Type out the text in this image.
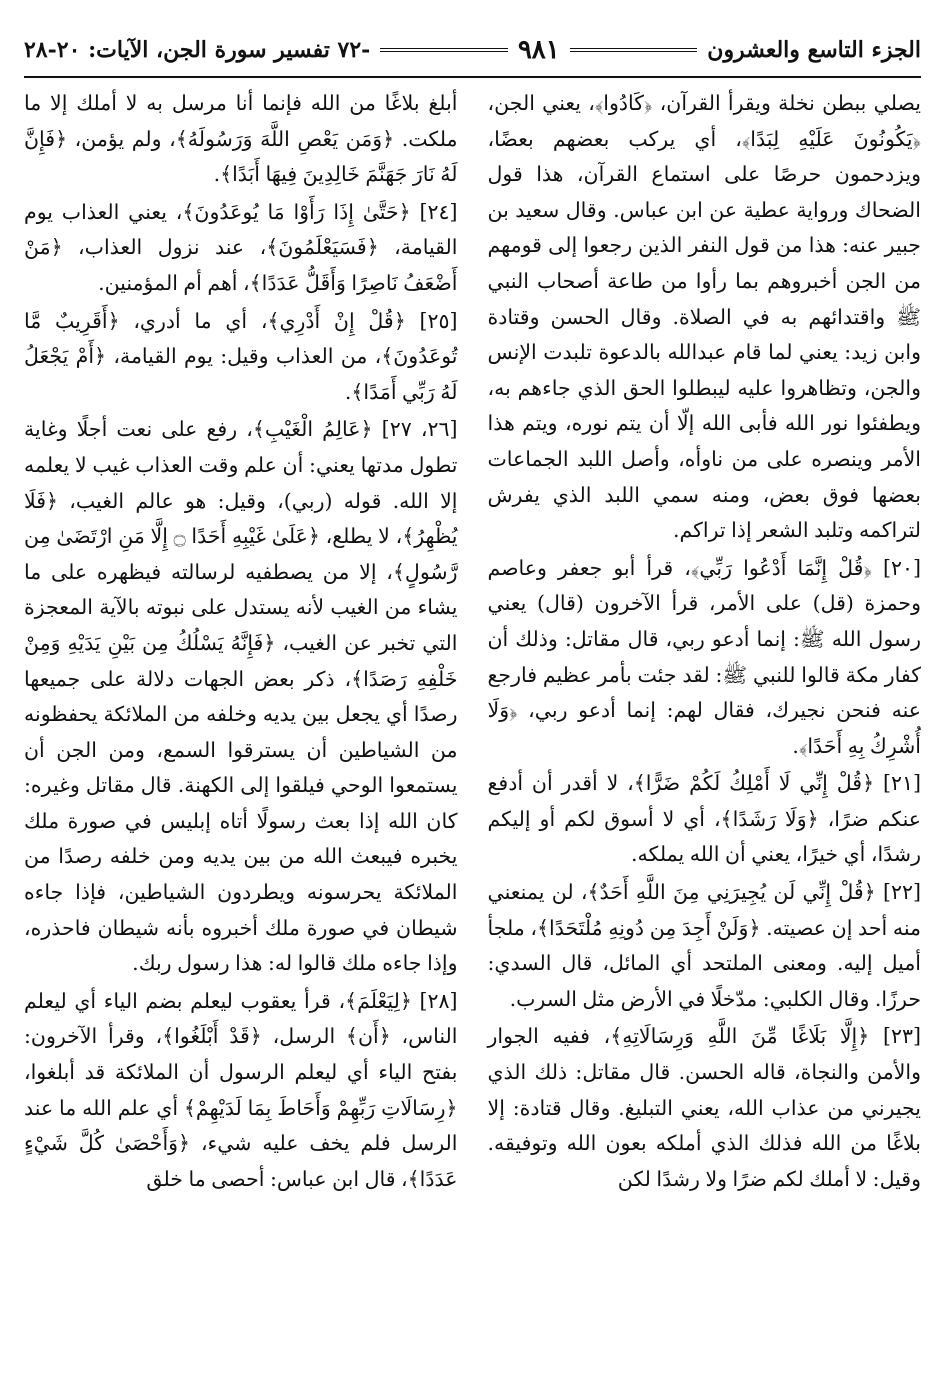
الجزء التاسع والعشرون
٩٨١
-٧٢ تفسير سورة الجن، الآيات: ٢٠-٢٨

يصلي ببطن نخلة ويقرأ القرآن، ﴿كَادُوا﴾، يعني الجن، ﴿يَكُونُونَ عَلَيْهِ لِبَدًا﴾، أي يركب بعضهم بعضًا، ويزدحمون حرصًا على استماع القرآن، هذا قول الضحاك ورواية عطية عن ابن عباس. وقال سعيد بن جبير عنه: هذا من قول النفر الذين رجعوا إلى قومهم من الجن أخبروهم بما رأوا من طاعة أصحاب النبي ﷺ واقتدائهم به في الصلاة. وقال الحسن وقتادة وابن زيد: يعني لما قام عبدالله بالدعوة تلبدت الإنس والجن، وتظاهروا عليه ليبطلوا الحق الذي جاءهم به، ويطفئوا نور الله فأبى الله إلّا أن يتم نوره، ويتم هذا الأمر وينصره على من ناوأه، وأصل اللبد الجماعات بعضها فوق بعض، ومنه سمي اللبد الذي يفرش لتراكمه وتلبد الشعر إذا تراكم.

[٢٠] ﴿قُلْ إِنَّمَا أَدْعُوا رَبِّي﴾، قرأ أبو جعفر وعاصم وحمزة (قل) على الأمر، قرأ الآخرون (قال) يعني رسول الله ﷺ: إنما أدعو ربي، قال مقاتل: وذلك أن كفار مكة قالوا للنبي ﷺ: لقد جئت بأمر عظيم فارجع عنه فنحن نجيرك، فقال لهم: إنما أدعو ربي، ﴿وَلَا أُشْرِكُ بِهِ أَحَدًا﴾.

[٢١] ﴿قُلْ إِنِّي لَا أَمْلِكُ لَكُمْ ضَرًّا﴾، لا أقدر أن أدفع عنكم ضرًا، ﴿وَلَا رَشَدًا﴾، أي لا أسوق لكم أو إليكم رشدًا، أي خيرًا، يعني أن الله يملكه.

[٢٢] ﴿قُلْ إِنِّي لَن يُجِيرَنِي مِنَ اللَّهِ أَحَدٌ﴾، لن يمنعني منه أحد إن عصيته. ﴿وَلَنْ أَجِدَ مِن دُونِهِ مُلْتَحَدًا﴾، ملجأ أميل إليه. ومعنى الملتحد أي المائل، قال السدي: حرزًا. وقال الكلبي: مدّخلًا في الأرض مثل السرب.

[٢٣] ﴿إِلَّا بَلَاغًا مِّنَ اللَّهِ وَرِسَالَاتِهِ﴾، ففيه الجوار والأمن والنجاة، قاله الحسن. قال مقاتل: ذلك الذي يجيرني من عذاب الله، يعني التبليغ. وقال قتادة: إلا بلاغًا من الله فذلك الذي أملكه بعون الله وتوفيقه. وقيل: لا أملك لكم ضرًا ولا رشدًا لكن

أبلغ بلاغًا من الله فإنما أنا مرسل به لا أملك إلا ما ملكت. ﴿وَمَن يَعْصِ اللَّهَ وَرَسُولَهُ﴾، ولم يؤمن، ﴿فَإِنَّ لَهُ نَارَ جَهَنَّمَ خَالِدِينَ فِيهَا أَبَدًا﴾.

[٢٤] ﴿حَتَّىٰ إِذَا رَأَوْا مَا يُوعَدُونَ﴾، يعني العذاب يوم القيامة، ﴿فَسَيَعْلَمُونَ﴾، عند نزول العذاب، ﴿مَنْ أَضْعَفُ نَاصِرًا وَأَقَلُّ عَدَدًا﴾، أهم أم المؤمنين.

[٢٥] ﴿قُلْ إِنْ أَدْرِي﴾، أي ما أدري، ﴿أَقَرِيبٌ مَّا تُوعَدُونَ﴾، من العذاب وقيل: يوم القيامة، ﴿أَمْ يَجْعَلُ لَهُ رَبِّي أَمَدًا﴾.

[٢٦، ٢٧] ﴿عَالِمُ الْغَيْبِ﴾، رفع على نعت أجلًا وغاية تطول مدتها يعني: أن علم وقت العذاب غيب لا يعلمه إلا الله. قوله (ربي)، وقيل: هو عالم الغيب، ﴿فَلَا يُظْهِرُ﴾، لا يطلع، ﴿عَلَىٰ غَيْبِهِ أَحَدًا ۝ إِلَّا مَنِ ارْتَضَىٰ مِن رَّسُولٍ﴾، إلا من يصطفيه لرسالته فيظهره على ما يشاء من الغيب لأنه يستدل على نبوته بالآية المعجزة التي تخبر عن الغيب، ﴿فَإِنَّهُ يَسْلُكُ مِن بَيْنِ يَدَيْهِ وَمِنْ خَلْفِهِ رَصَدًا﴾، ذكر بعض الجهات دلالة على جميعها رصدًا أي يجعل بين يديه وخلفه من الملائكة يحفظونه من الشياطين أن يسترقوا السمع، ومن الجن أن يستمعوا الوحي فيلقوا إلى الكهنة. قال مقاتل وغيره: كان الله إذا بعث رسولًا أتاه إبليس في صورة ملك يخبره فيبعث الله من بين يديه ومن خلفه رصدًا من الملائكة يحرسونه ويطردون الشياطين، فإذا جاءه شيطان في صورة ملك أخبروه بأنه شيطان فاحذره، وإذا جاءه ملك قالوا له: هذا رسول ربك.

[٢٨] ﴿لِيَعْلَمَ﴾، قرأ يعقوب ليعلم بضم الياء أي ليعلم الناس، ﴿أَن﴾ الرسل، ﴿قَدْ أَبْلَغُوا﴾، وقرأ الآخرون: بفتح الياء أي ليعلم الرسول أن الملائكة قد أبلغوا، ﴿رِسَالَاتِ رَبِّهِمْ وَأَحَاطَ بِمَا لَدَيْهِمْ﴾ أي علم الله ما عند الرسل فلم يخف عليه شيء، ﴿وَأَحْصَىٰ كُلَّ شَيْءٍ عَدَدًا﴾، قال ابن عباس: أحصى ما خلق
